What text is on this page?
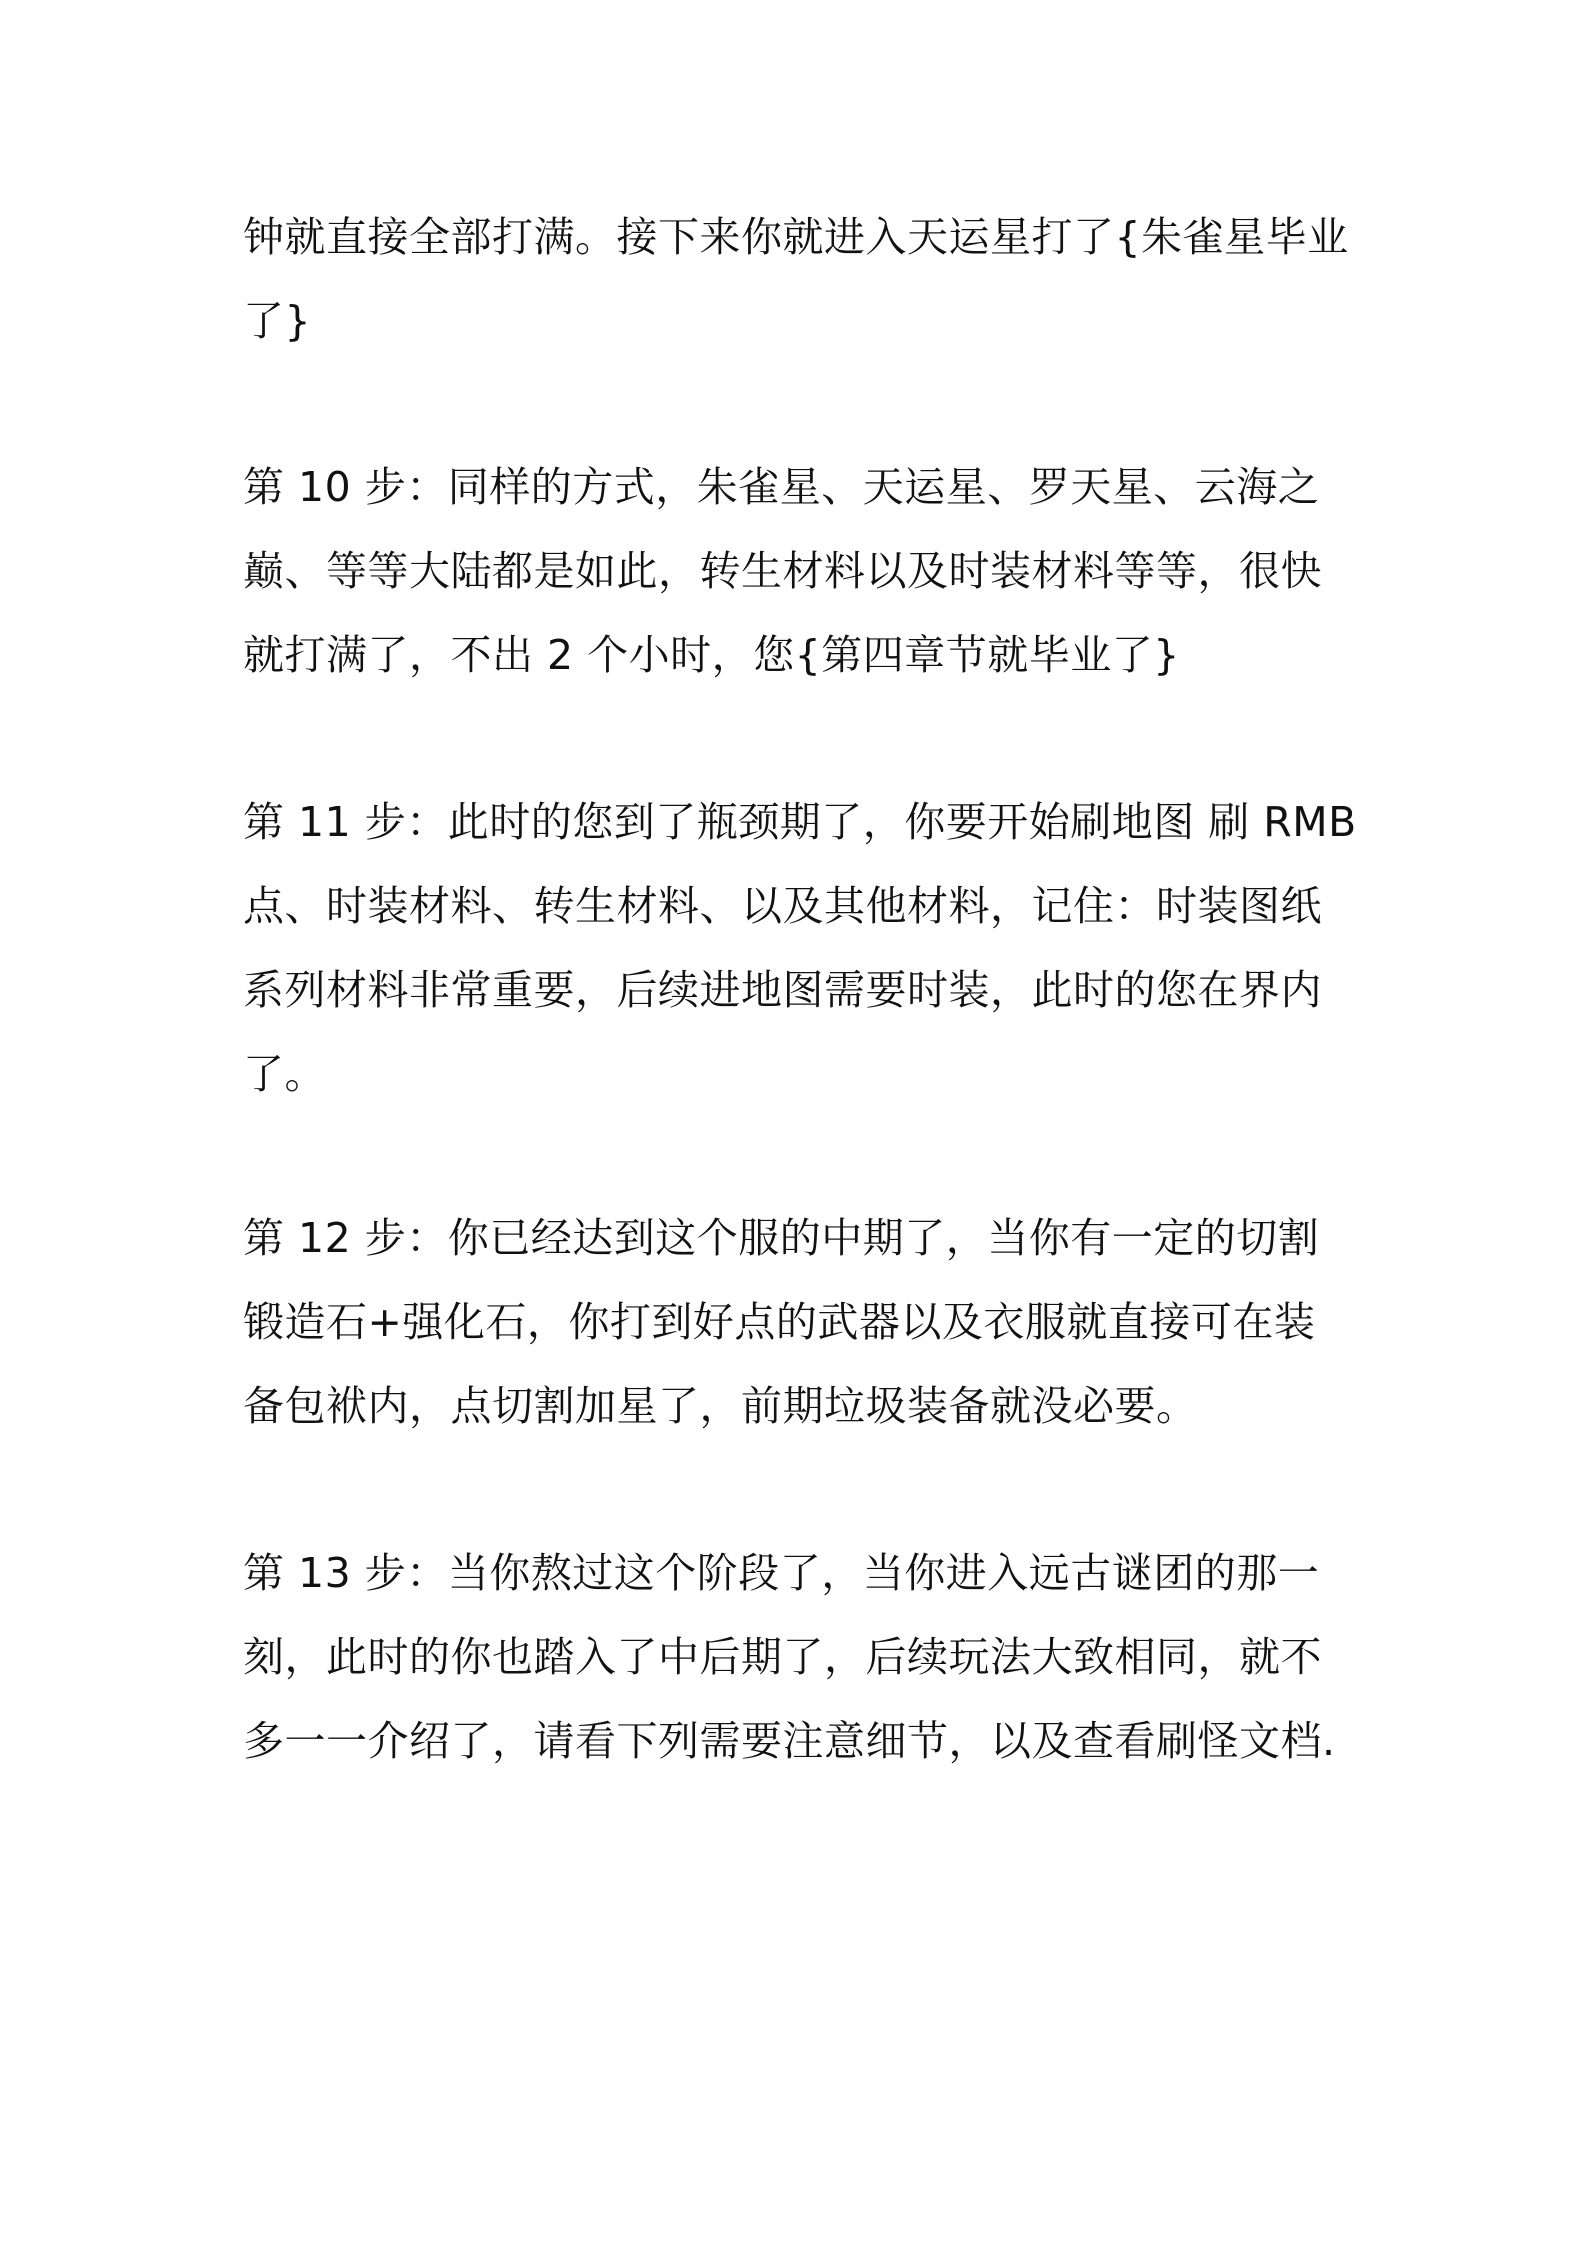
钟就直接全部打满。接下来你就进入天运星打了{朱雀星毕业
了}
第 10 步：同样的方式，朱雀星、天运星、罗天星、云海之
巅、等等大陆都是如此，转生材料以及时装材料等等，很快
就打满了，不出 2 个小时，您{第四章节就毕业了}
第 11 步：此时的您到了瓶颈期了，你要开始刷地图 刷 RMB
点、时装材料、转生材料、以及其他材料，记住：时装图纸
系列材料非常重要，后续进地图需要时装，此时的您在界内
了。
第 12 步：你已经达到这个服的中期了，当你有一定的切割
锻造石+强化石，你打到好点的武器以及衣服就直接可在装
备包袱内，点切割加星了，前期垃圾装备就没必要。
第 13 步：当你熬过这个阶段了，当你进入远古谜团的那一
刻，此时的你也踏入了中后期了，后续玩法大致相同，就不
多一一介绍了，请看下列需要注意细节，以及查看刷怪文档.
